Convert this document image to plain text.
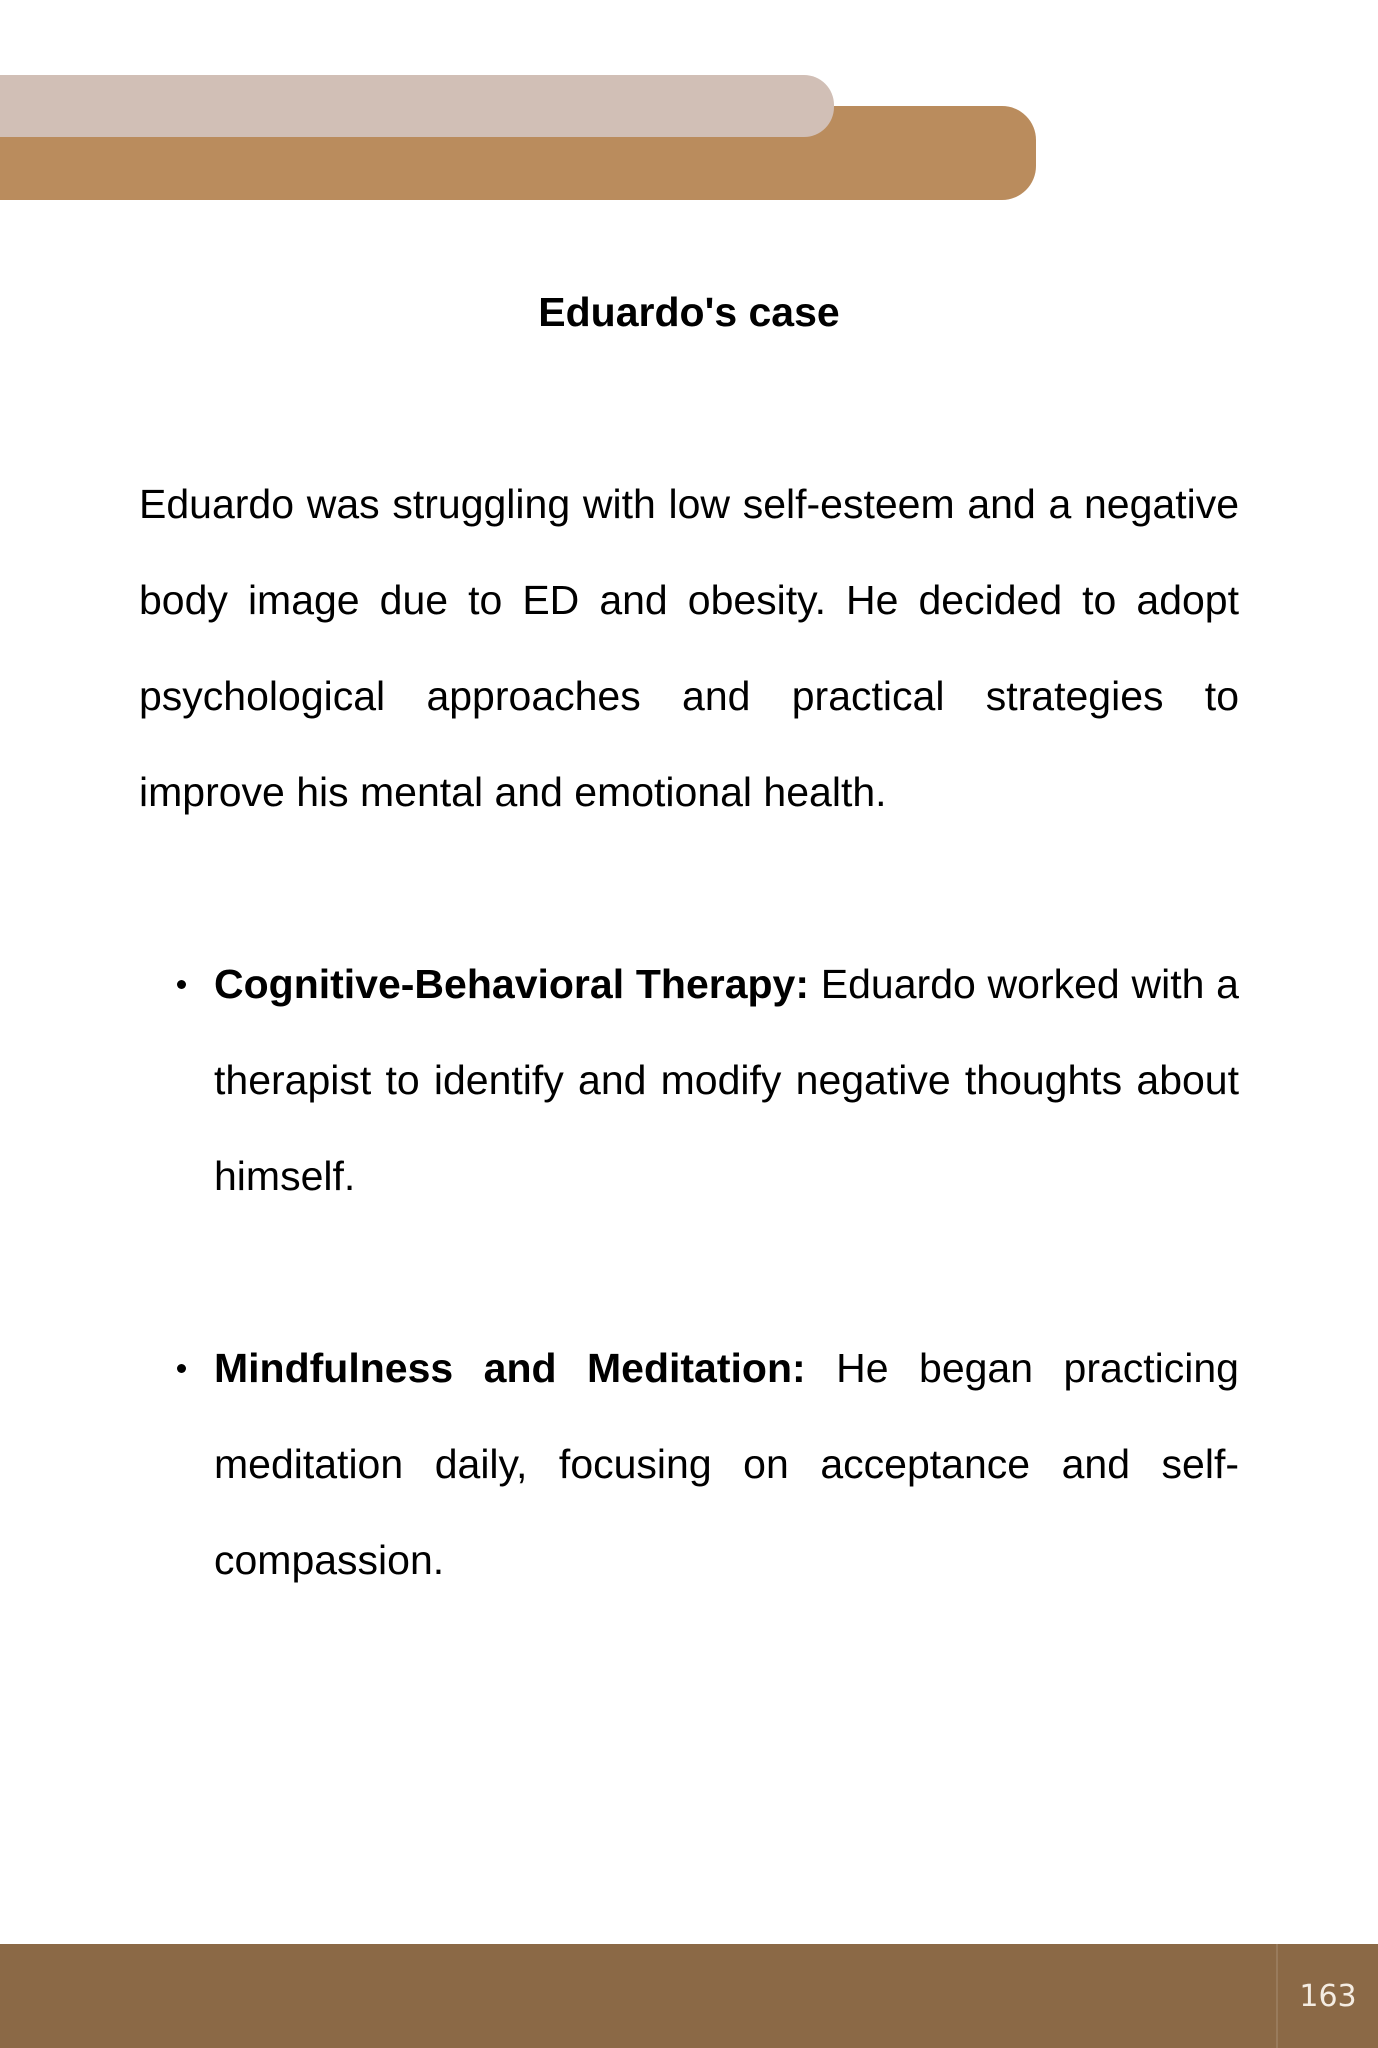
Eduardo's case

Eduardo was struggling with low self-esteem and a negative body image due to ED and obesity. He decided to adopt psychological approaches and practical strategies to improve his mental and emotional health.

Cognitive-Behavioral Therapy: Eduardo worked with a therapist to identify and modify negative thoughts about himself.
Mindfulness and Meditation: He began practicing meditation daily, focusing on acceptance and self-compassion.
163
